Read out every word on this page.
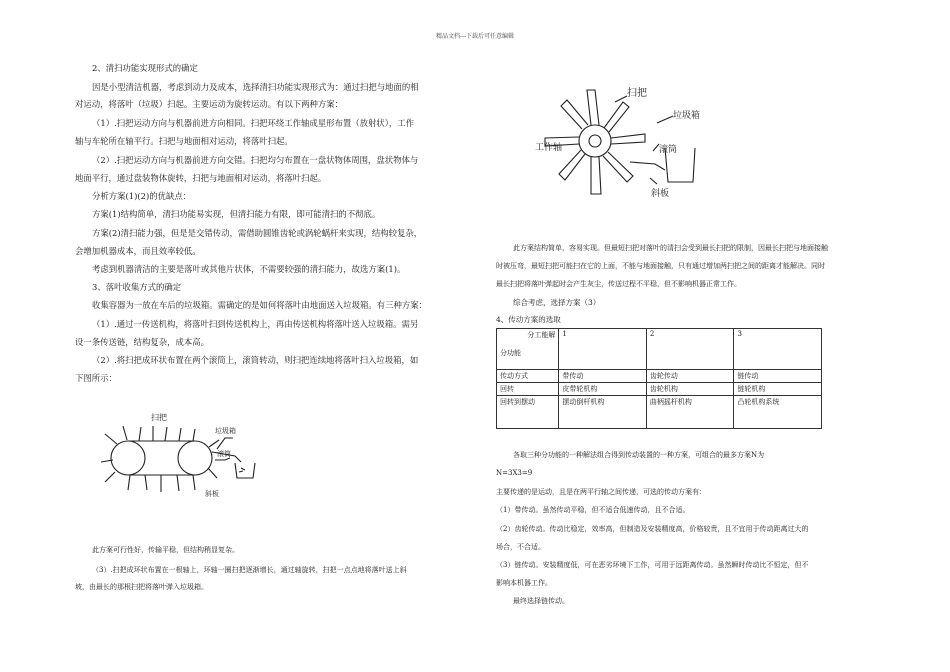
精品文档---下载后可任意编辑
2、清扫功能实现形式的确定
因是小型清洁机器，考虑到动力及成本，选择清扫功能实现形式为：通过扫把与地面的相
对运动，将落叶（垃圾）扫起。主要运动为旋转运动。有以下两种方案：
（1）.扫把运动方向与机器前进方向相同。扫把环绕工作轴成星形布置（放射状），工作
轴与车轮所在轴平行。扫把与地面相对运动，将落叶扫起。
（2）.扫把运动方向与机器前进方向交错。扫把均匀布置在一盘状物体周围，盘状物体与
地面平行，通过盘装物体旋转，扫把与地面相对运动，将落叶扫起。
分析方案(1)(2)的优缺点：
方案(1)结构简单，清扫功能易实现，但清扫能力有限，即可能清扫的不彻底。
方案(2)清扫能力强，但是是交错传动，需借助圆锥齿轮或涡轮蜗杆来实现，结构较复杂，
会增加机器成本，而且效率较低。
考虑到机器清洁的主要是落叶或其他片状体，不需要较强的清扫能力，故选方案(1)。
3、落叶收集方式的确定
收集容器为一放在车后的垃圾箱。需确定的是如何将落叶由地面送入垃圾箱。有三种方案：
（1）.通过一传送机构，将落叶扫到传送机构上，再由传送机构将落叶送入垃圾箱。需另
设一条传送链，结构复杂，成本高。
（2）.将扫把成环状布置在两个滚筒上，滚筒转动，则扫把连续地将落叶扫入垃圾箱，如
下图所示：
扫把
垃圾箱
滚筒
斜板
此方案可行性好，传输平稳，但结构稍显复杂。
（3）.扫把成环状布置在一根轴上，环轴一圈扫把逐渐增长，通过轴旋转，扫把一点点地将落叶送上斜
坡，由最长的那根扫把将落叶弹入垃圾箱。
扫把
垃圾箱
工作轴	滚筒
斜板
此方案结构简单，容易实现。但最短扫把对落叶的清扫会受到最长扫把的限制，因最长扫把与地面接触
时被压弯，最短扫把可能扫在它的上面，不能与地面接触，只有通过增加两扫把之间的距离才能解决。同时
最长扫把将落叶弹起时会产生灰尘，传送过程不平稳，但不影响机器正常工作。
综合考虑，选择方案（3）
4、传动方案的选取
分工能解
分功能	1	2	3
传动方式	带传动	齿轮传动	链传动
回转	皮带轮机构	齿轮机构	链轮机构
回转到摆动	摆动倒杆机构	曲柄摇杆机构	凸轮机构系统
各取三种分功能的一种解法组合得到传动装置的一种方案，可组合的最多方案N为
N=3X3=9
主要传递的是运动，且是在两平行轴之间传递，可选的传动方案有：
（1）带传动。虽然传动平稳，但不适合低速传动，且不合适。
（2）齿轮传动。传动比稳定，效率高，但制造及安装精度高，价格较贵，且不宜用于传动距离过大的
场合，不合适。
（3）链传动。安装精度低，可在恶劣环境下工作，可用于远距离传动。虽然瞬时传动比不恒定，但不
影响本机器工作。
最终选择链传动。
